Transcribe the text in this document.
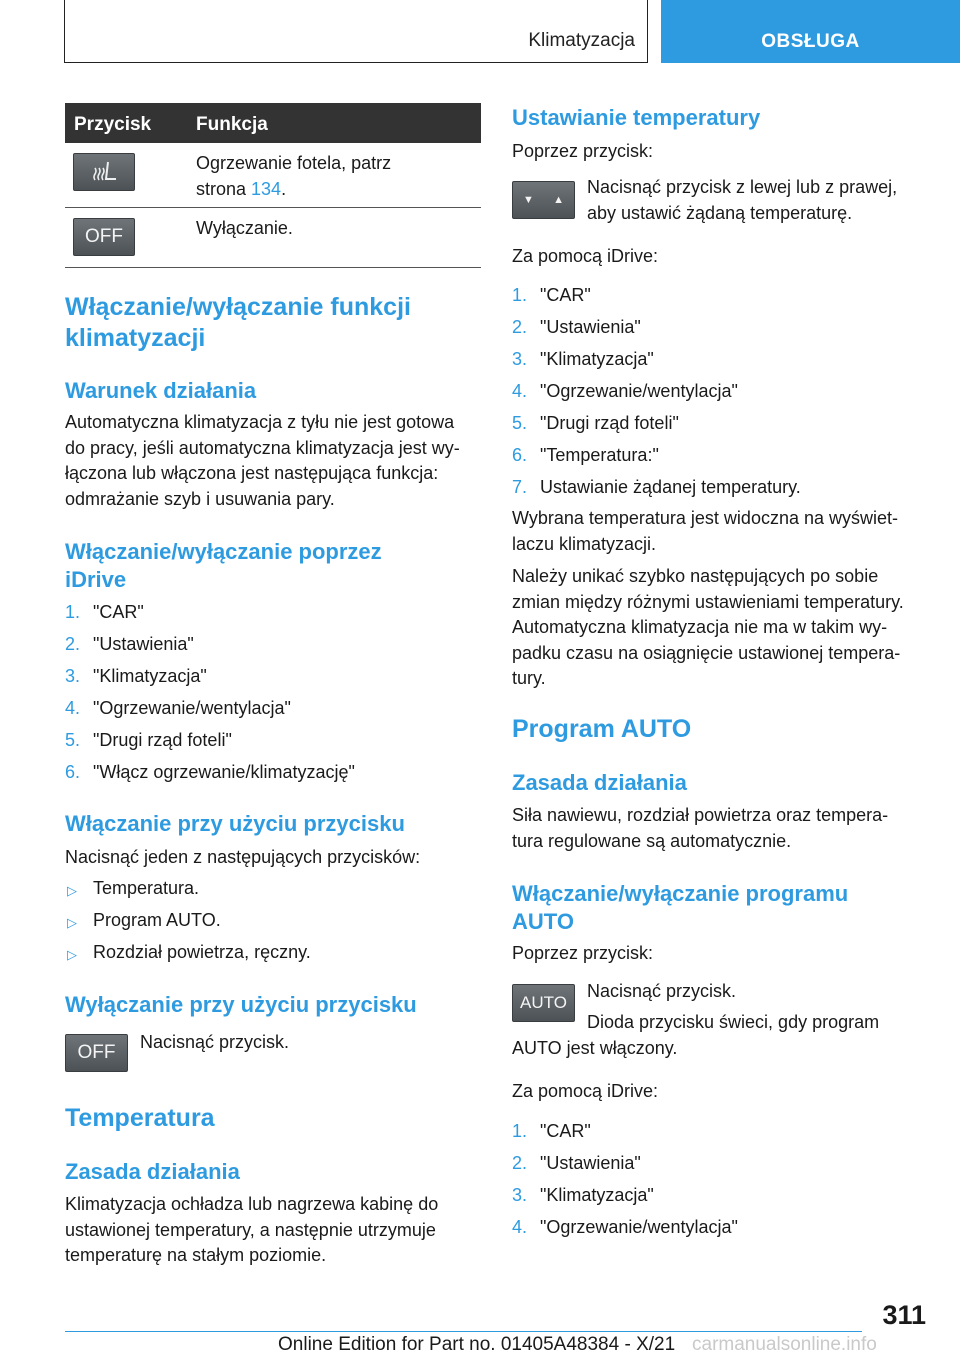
Klimatyzacja	OBSŁUGA
Przycisk Funkcja
Ogrzewanie fotela, patrz
strona 134.
OFF	Wyłączanie.
Włączanie/wyłączanie funkcji
klimatyzacji
Warunek działania
Automatyczna klimatyzacja z tyłu nie jest gotowa
do pracy, jeśli automatyczna klimatyzacja jest wy-
łączona lub włączona jest następująca funkcja:
odmrażanie szyb i usuwania pary.
Włączanie/wyłączanie poprzez
iDrive
1. "CAR"
2. "Ustawienia"
3. "Klimatyzacja"
4. "Ogrzewanie/wentylacja"
5. "Drugi rząd foteli"
6. "Włącz ogrzewanie/klimatyzację"
Włączanie przy użyciu przycisku
Nacisnąć jeden z następujących przycisków:
▷ Temperatura.
▷ Program AUTO.
▷ Rozdział powietrza, ręczny.
Wyłączanie przy użyciu przycisku
OFF	Nacisnąć przycisk.
Temperatura
Zasada działania
Klimatyzacja ochładza lub nagrzewa kabinę do
ustawionej temperatury, a następnie utrzymuje
temperaturę na stałym poziomie.
Ustawianie temperatury
Poprzez przycisk:
▼ ▲
Nacisnąć przycisk z lewej lub z prawej,
aby ustawić żądaną temperaturę.
Za pomocą iDrive:
1. "CAR"
2. "Ustawienia"
3. "Klimatyzacja"
4. "Ogrzewanie/wentylacja"
5. "Drugi rząd foteli"
6. "Temperatura:"
7. Ustawianie żądanej temperatury.
Wybrana temperatura jest widoczna na wyświet-
laczu klimatyzacji.
Należy unikać szybko następujących po sobie
zmian między różnymi ustawieniami temperatury.
Automatyczna klimatyzacja nie ma w takim wy-
padku czasu na osiągnięcie ustawionej tempera-
tury.
Program AUTO
Zasada działania
Siła nawiewu, rozdział powietrza oraz tempera-
tura regulowane są automatycznie.
Włączanie/wyłączanie programu
AUTO
Poprzez przycisk:
AUTO
Nacisnąć przycisk.
Dioda przycisku świeci, gdy program
AUTO jest włączony.
Za pomocą iDrive:
1. "CAR"
2. "Ustawienia"
3. "Klimatyzacja"
4. "Ogrzewanie/wentylacja"
311
Online Edition for Part no. 01405A48384 - X/21 carmanualsonline.info
